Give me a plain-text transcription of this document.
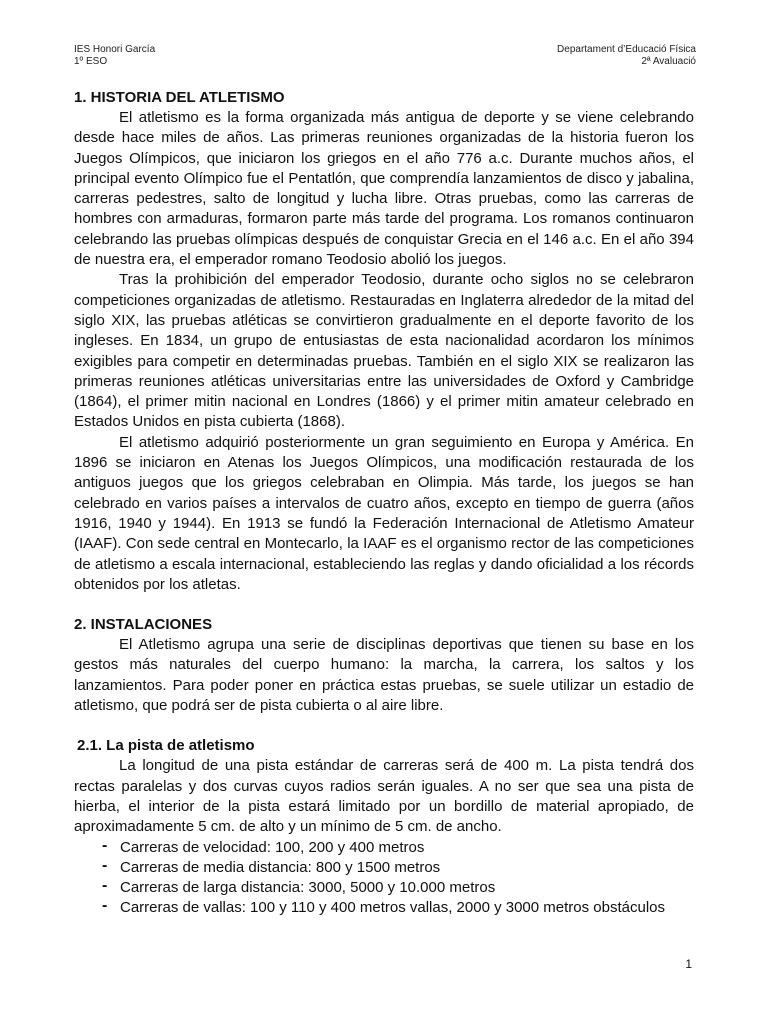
IES Honori García
1º ESO
Departament d’Educació Física
2ª Avaluació
1. HISTORIA DEL ATLETISMO

El atletismo es la forma organizada más antigua de deporte y se viene celebrando desde hace miles de años. Las primeras reuniones organizadas de la historia fueron los Juegos Olímpicos, que iniciaron los griegos en el año 776 a.c. Durante muchos años, el principal evento Olímpico fue el Pentatlón, que comprendía lanzamientos de disco y jabalina, carreras pedestres, salto de longitud y lucha libre. Otras pruebas, como las carreras de hombres con armaduras, formaron parte más tarde del programa. Los romanos continuaron celebrando las pruebas olímpicas después de conquistar Grecia en el 146 a.c. En el año 394 de nuestra era, el emperador romano Teodosio abolió los juegos.

Tras la prohibición del emperador Teodosio, durante ocho siglos no se celebraron competiciones organizadas de atletismo. Restauradas en Inglaterra alrededor de la mitad del siglo XIX, las pruebas atléticas se convirtieron gradualmente en el deporte favorito de los ingleses. En 1834, un grupo de entusiastas de esta nacionalidad acordaron los mínimos exigibles para competir en determinadas pruebas. También en el siglo XIX se realizaron las primeras reuniones atléticas universitarias entre las universidades de Oxford y Cambridge (1864), el primer mitin nacional en Londres (1866) y el primer mitin amateur celebrado en Estados Unidos en pista cubierta (1868).

El atletismo adquirió posteriormente un gran seguimiento en Europa y América. En 1896 se iniciaron en Atenas los Juegos Olímpicos, una modificación restaurada de los antiguos juegos que los griegos celebraban en Olimpia. Más tarde, los juegos se han celebrado en varios países a intervalos de cuatro años, excepto en tiempo de guerra (años 1916, 1940 y 1944). En 1913 se fundó la Federación Internacional de Atletismo Amateur (IAAF). Con sede central en Montecarlo, la IAAF es el organismo rector de las competiciones de atletismo a escala internacional, estableciendo las reglas y dando oficialidad a los récords obtenidos por los atletas.

2. INSTALACIONES

El Atletismo agrupa una serie de disciplinas deportivas que tienen su base en los gestos más naturales del cuerpo humano: la marcha, la carrera, los saltos y los lanzamientos. Para poder poner en práctica estas pruebas, se suele utilizar un estadio de atletismo, que podrá ser de pista cubierta o al aire libre.

2.1. La pista de atletismo

La longitud de una pista estándar de carreras será de 400 m. La pista tendrá dos rectas paralelas y dos curvas cuyos radios serán iguales. A no ser que sea una pista de hierba, el interior de la pista estará limitado por un bordillo de material apropiado, de aproximadamente 5 cm. de alto y un mínimo de 5 cm. de ancho.

- Carreras de velocidad: 100, 200 y 400 metros
- Carreras de media distancia: 800 y 1500 metros
- Carreras de larga distancia: 3000, 5000 y 10.000 metros
- Carreras de vallas: 100 y 110 y 400 metros vallas, 2000 y 3000 metros obstáculos
1
